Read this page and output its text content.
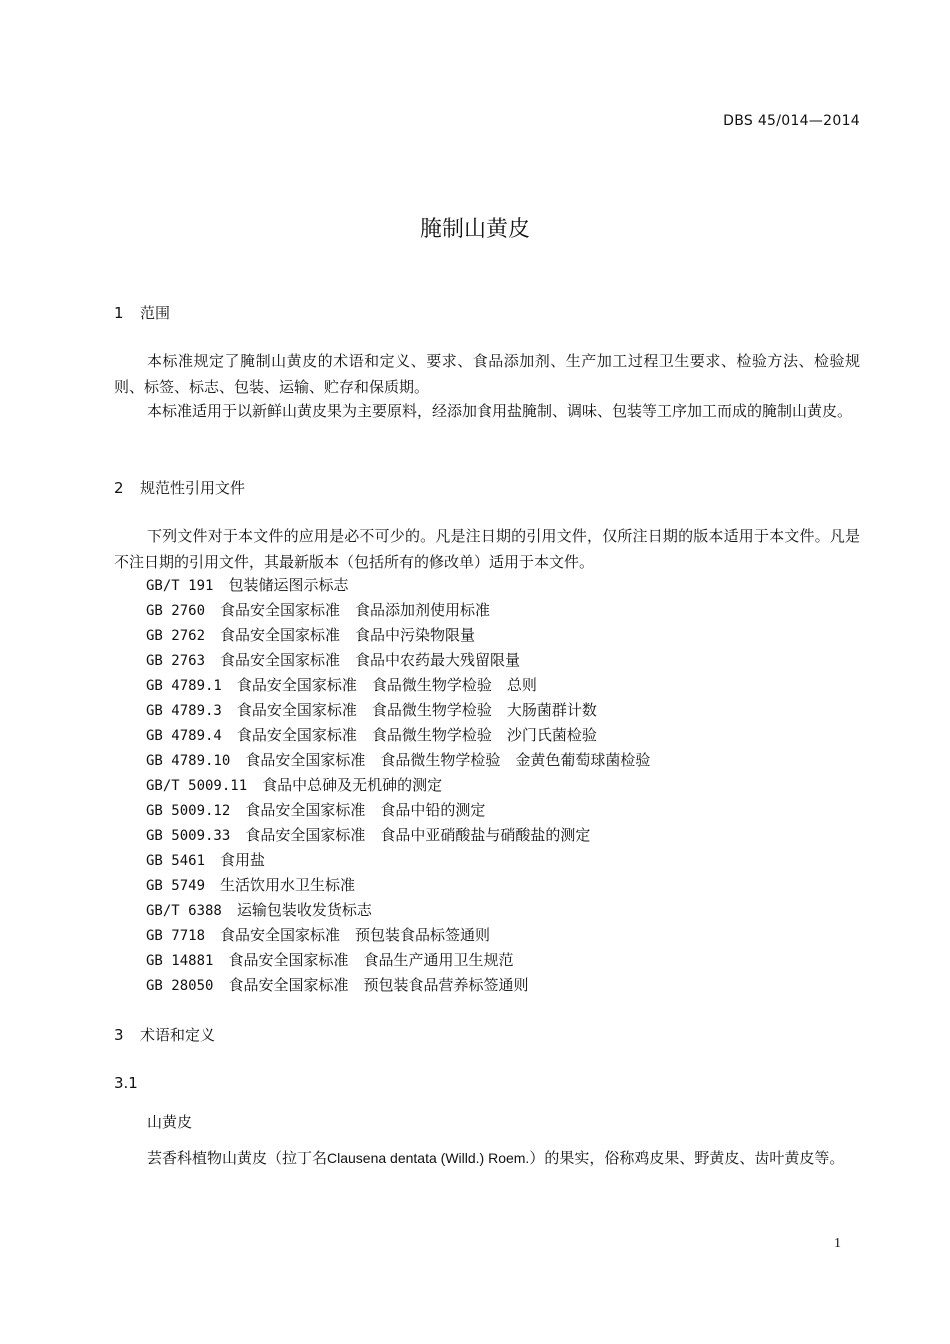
DBS 45/014—2014
腌制山黄皮
1 范围

本标准规定了腌制山黄皮的术语和定义、要求、食品添加剂、生产加工过程卫生要求、检验方法、检验规则、标签、标志、包装、运输、贮存和保质期。

本标准适用于以新鲜山黄皮果为主要原料，经添加食用盐腌制、调味、包装等工序加工而成的腌制山黄皮。

2 规范性引用文件

下列文件对于本文件的应用是必不可少的。凡是注日期的引用文件，仅所注日期的版本适用于本文件。凡是不注日期的引用文件，其最新版本（包括所有的修改单）适用于本文件。

GB/T 191　 包装储运图示标志
GB 2760　 食品安全国家标准　食品添加剂使用标准
GB 2762　 食品安全国家标准　食品中污染物限量
GB 2763　 食品安全国家标准　食品中农药最大残留限量
GB 4789.1　 食品安全国家标准　食品微生物学检验　总则
GB 4789.3　 食品安全国家标准　食品微生物学检验　大肠菌群计数
GB 4789.4　 食品安全国家标准　食品微生物学检验　沙门氏菌检验
GB 4789.10　 食品安全国家标准　食品微生物学检验　金黄色葡萄球菌检验
GB/T 5009.11　 食品中总砷及无机砷的测定
GB 5009.12　 食品安全国家标准　食品中铅的测定
GB 5009.33　 食品安全国家标准　食品中亚硝酸盐与硝酸盐的测定
GB 5461　 食用盐
GB 5749　 生活饮用水卫生标准
GB/T 6388　 运输包装收发货标志
GB 7718　 食品安全国家标准　预包装食品标签通则
GB 14881　 食品安全国家标准　食品生产通用卫生规范
GB 28050　 食品安全国家标准　预包装食品营养标签通则
3 术语和定义
3.1
山黄皮

芸香科植物山黄皮（拉丁名Clausena dentata (Willd.) Roem.）的果实，俗称鸡皮果、野黄皮、齿叶黄皮等。

1
